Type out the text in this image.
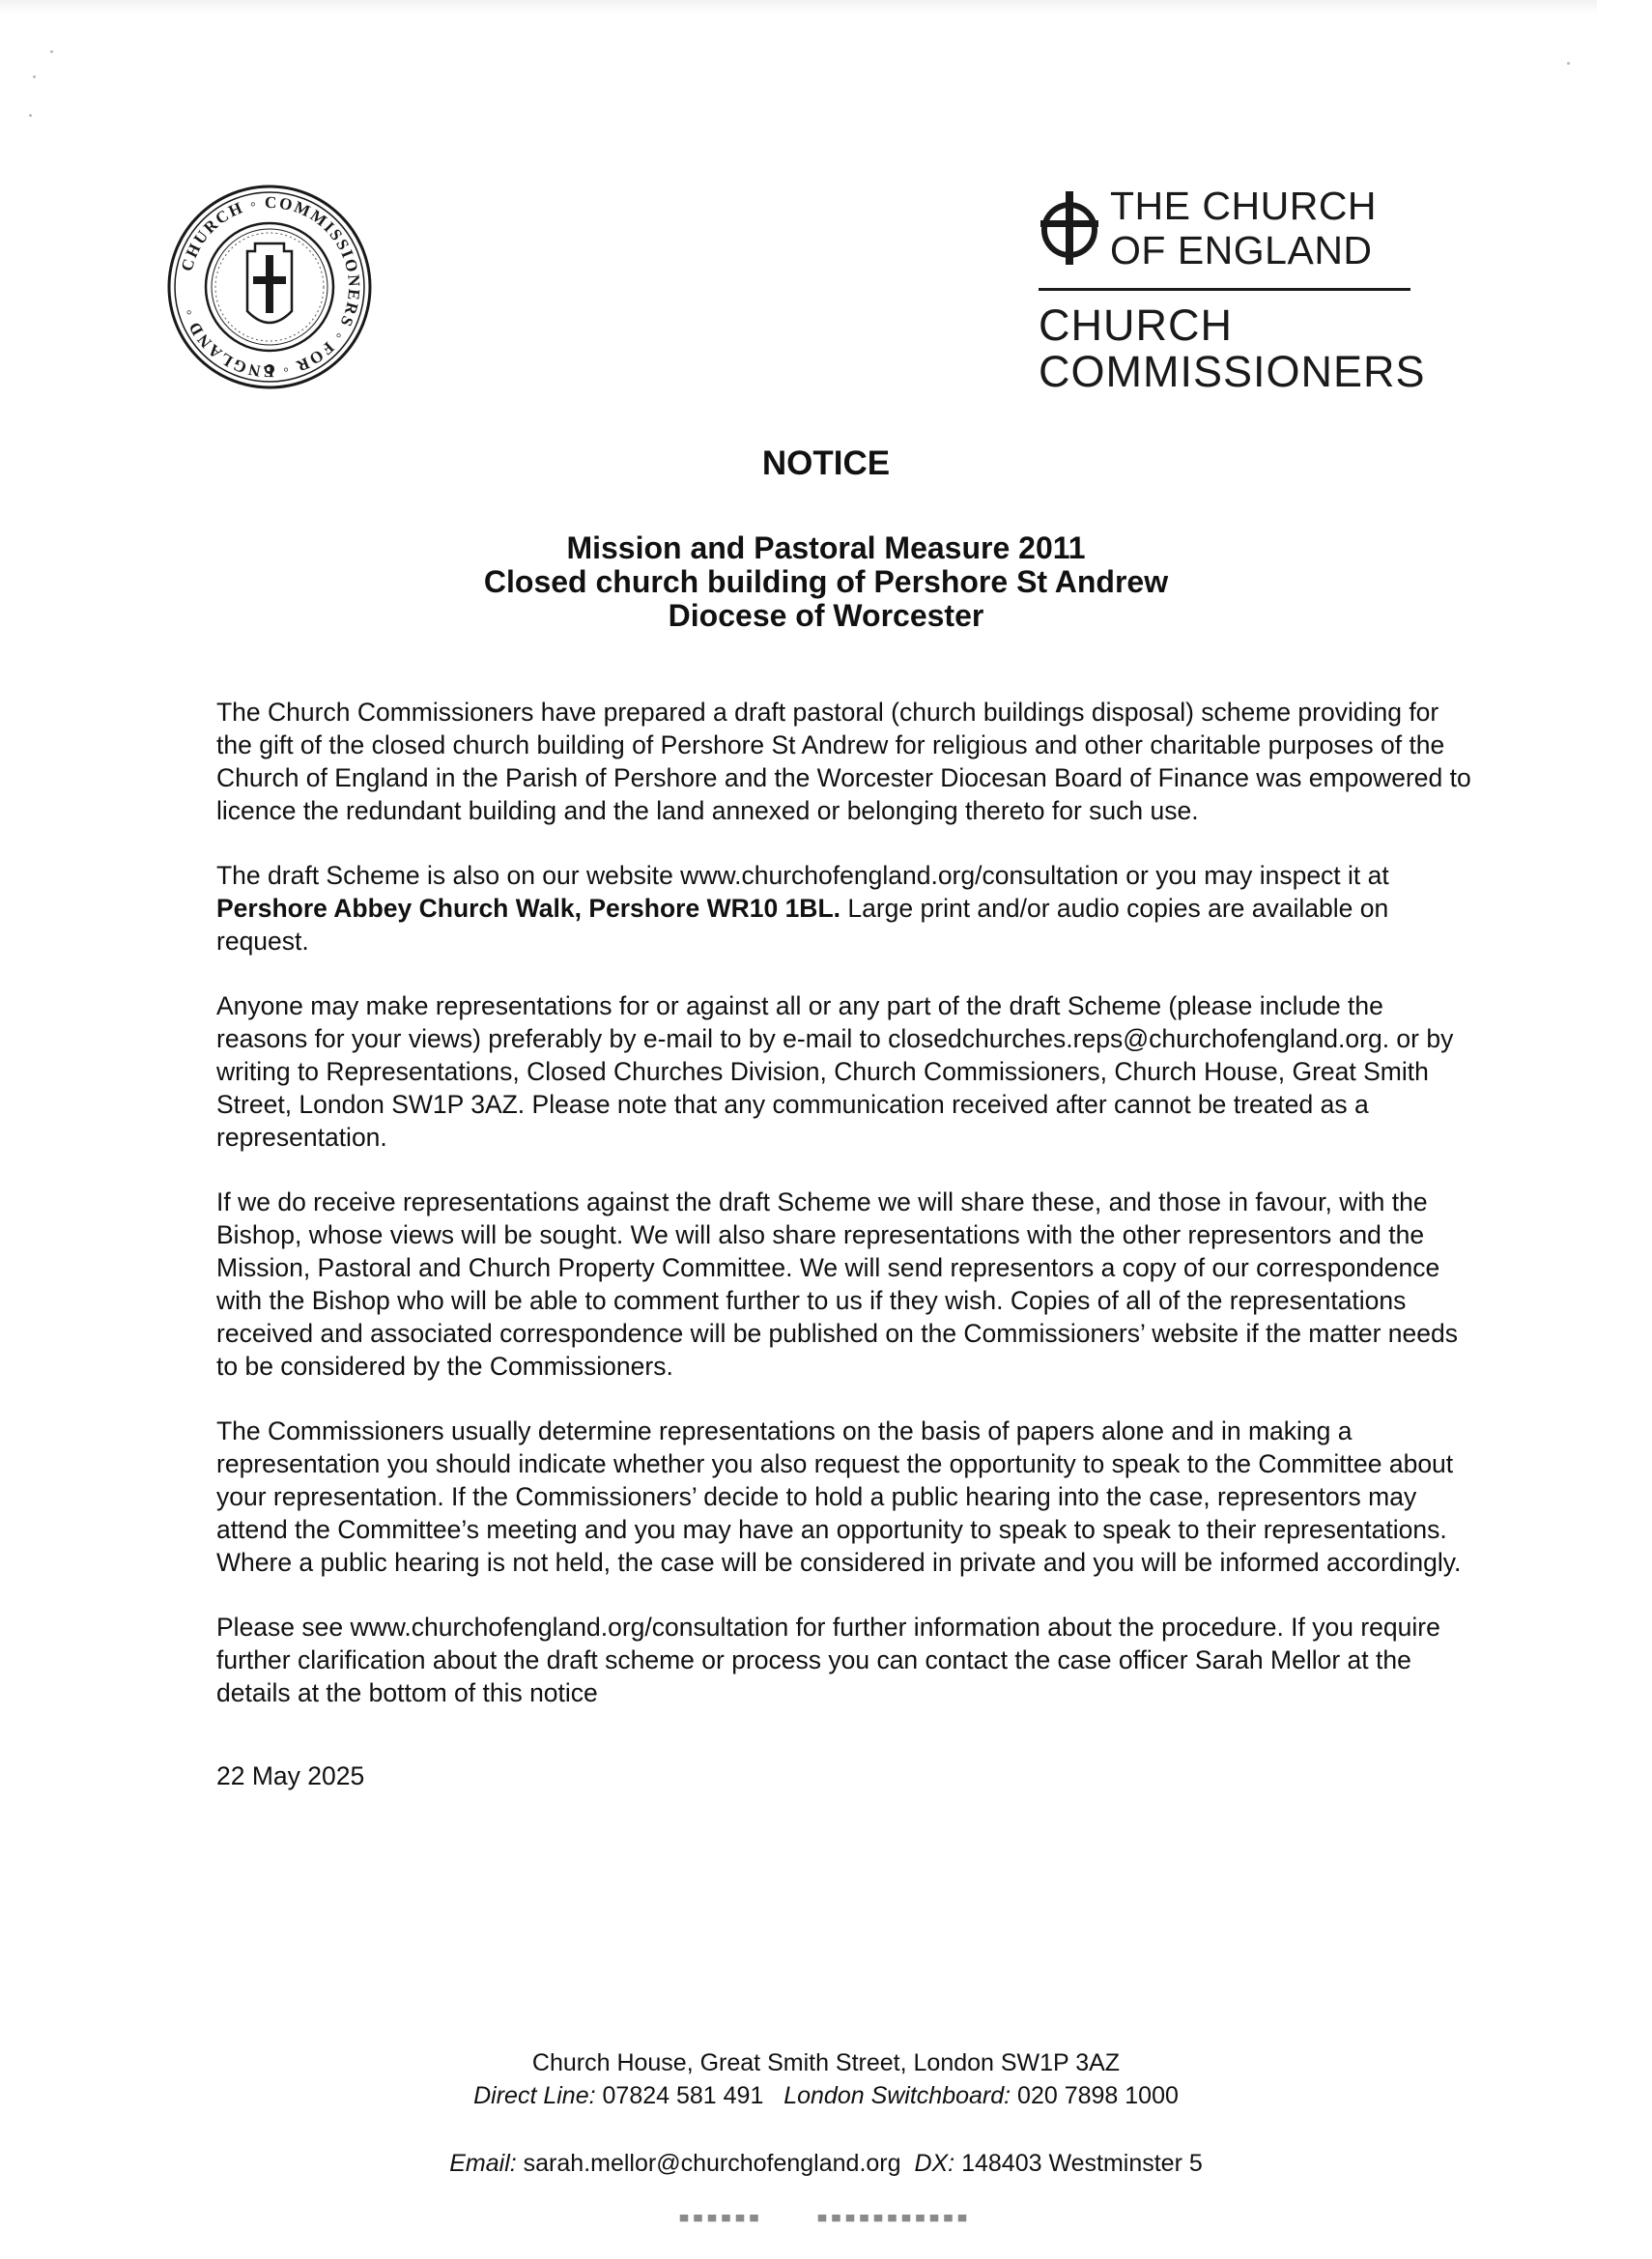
CHURCH ◦ COMMISSIONERS ◦ FOR ◦ ENGLAND ◦
THE CHURCH
OF ENGLAND
CHURCH
COMMISSIONERS
NOTICE
Mission and Pastoral Measure 2011
Closed church building of Pershore St Andrew
Diocese of Worcester

The Church Commissioners have prepared a draft pastoral (church buildings disposal) scheme providing for the gift of the closed church building of Pershore St Andrew for religious and other charitable purposes of the Church of England in the Parish of Pershore and the Worcester Diocesan Board of Finance was empowered to licence the redundant building and the land annexed or belonging thereto for such use.

The draft Scheme is also on our website www.churchofengland.org/consultation or you may inspect it at Pershore Abbey Church Walk, Pershore WR10 1BL. Large print and/or audio copies are available on request.

Anyone may make representations for or against all or any part of the draft Scheme (please include the reasons for your views) preferably by e-mail to by e-mail to closedchurches.reps@churchofengland.org. or by writing to Representations, Closed Churches Division, Church Commissioners, Church House, Great Smith Street, London SW1P 3AZ. Please note that any communication received after cannot be treated as a representation.

If we do receive representations against the draft Scheme we will share these, and those in favour, with the Bishop, whose views will be sought. We will also share representations with the other representors and the Mission, Pastoral and Church Property Committee. We will send representors a copy of our correspondence with the Bishop who will be able to comment further to us if they wish. Copies of all of the representations received and associated correspondence will be published on the Commissioners’ website if the matter needs to be considered by the Commissioners.

The Commissioners usually determine representations on the basis of papers alone and in making a representation you should indicate whether you also request the opportunity to speak to the Committee about your representation. If the Commissioners’ decide to hold a public hearing into the case, representors may attend the Committee’s meeting and you may have an opportunity to speak to speak to their representations. Where a public hearing is not held, the case will be considered in private and you will be informed accordingly.

Please see www.churchofengland.org/consultation for further information about the procedure. If you require further clarification about the draft scheme or process you can contact the case officer Sarah Mellor at the details at the bottom of this notice

22 May 2025

Church House, Great Smith Street, London SW1P 3AZ
Direct Line: 07824 581 491 London Switchboard: 020 7898 1000
Email: sarah.mellor@churchofengland.org DX: 148403 Westminster 5
▀▀▀▀▀▀      ▀▀▀▀▀▀▀▀▀▀▀
